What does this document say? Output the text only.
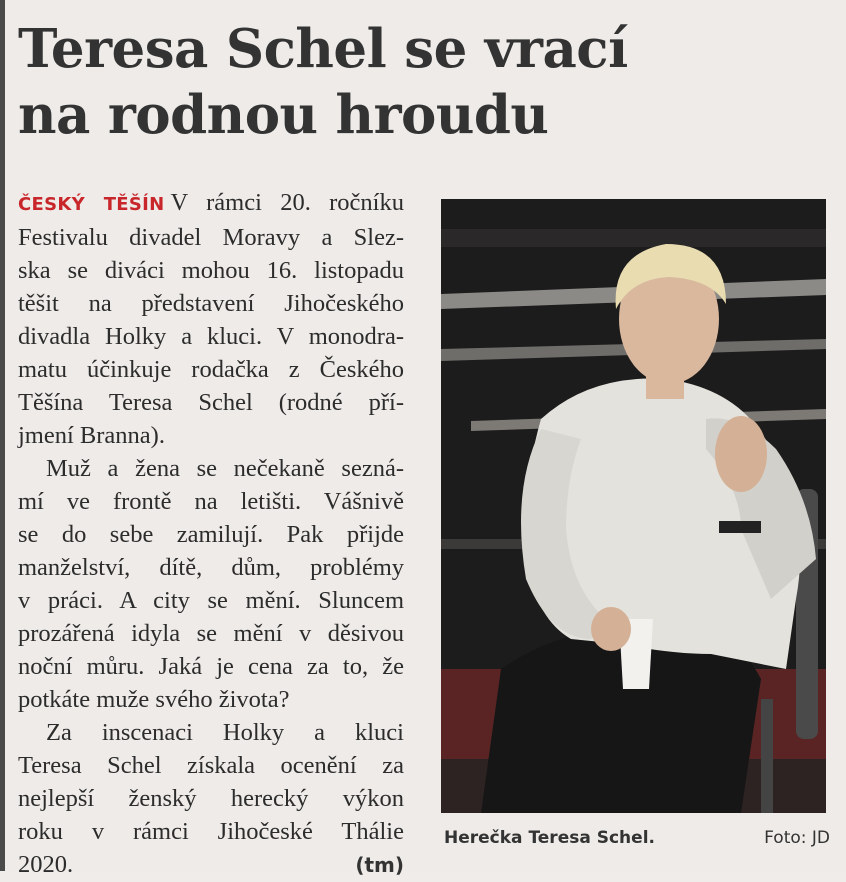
Teresa Schel se vrací
na rodnou hroudu

ČESKÝ TĚŠÍN V rámci 20. ročníku
Festivalu divadel Moravy a Slez-
ska se diváci mohou 16. listopadu
těšit na představení Jihočeského
divadla Holky a kluci. V monodra-
matu účinkuje rodačka z Českého
Těšína Teresa Schel (rodné pří-
jmení Branna).

Muž a žena se nečekaně sezná-
mí ve frontě na letišti. Vášnivě
se do sebe zamilují. Pak přijde
manželství, dítě, dům, problémy
v práci. A city se mění. Sluncem
prozářená idyla se mění v děsivou
noční můru. Jaká je cena za to, že
potkáte muže svého života?

Za inscenaci Holky a kluci
Teresa Schel získala ocenění za
nejlepší ženský herecký výkon
roku v rámci Jihočeské Thálie
2020.	(tm)

Herečka Teresa Schel.	Foto: JD
